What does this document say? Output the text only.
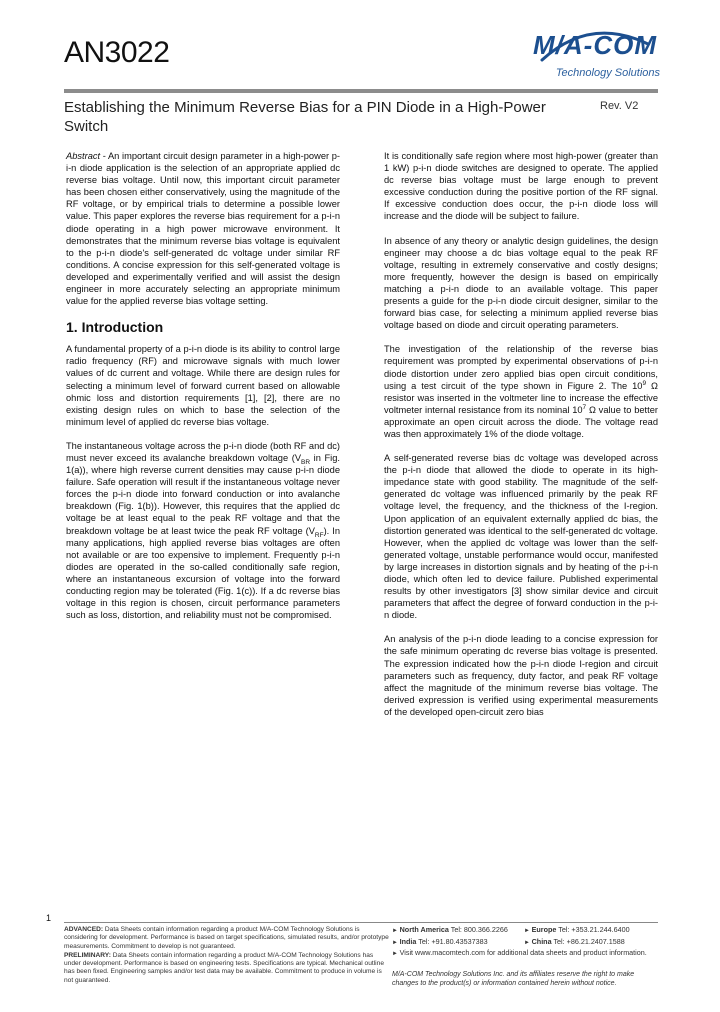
AN3022	M/A-COM
Technology Solutions
Establishing the Minimum Reverse Bias for a PIN Diode in a High-Power Switch
Rev. V2

Abstract - An important circuit design parameter in a high-power p-i-n diode application is the selection of an appropriate applied dc reverse bias voltage. Until now, this important circuit parameter has been chosen either conservatively, using the magnitude of the RF voltage, or by empirical trials to determine a possible lower value. This paper explores the reverse bias requirement for a p-i-n diode operating in a high power microwave environment. It demonstrates that the minimum reverse bias voltage is equivalent to the p-i-n diode's self-generated dc voltage under similar RF conditions. A concise expression for this self-generated voltage is developed and experimentally verified and will assist the design engineer in more accurately selecting an appropriate minimum value for the applied reverse bias voltage setting.

1. Introduction

A fundamental property of a p-i-n diode is its ability to control large radio frequency (RF) and microwave signals with much lower values of dc current and voltage. While there are design rules for selecting a minimum level of forward current based on allowable ohmic loss and distortion requirements [1], [2], there are no existing design rules on which to base the selection of the minimum level of applied dc reverse bias voltage.

The instantaneous voltage across the p-i-n diode (both RF and dc) must never exceed its avalanche breakdown voltage ($V_{BR}$ in Fig. 1(a)), where high reverse current densities may cause p-i-n diode failure. Safe operation will result if the instantaneous voltage never forces the p-i-n diode into forward conduction or into avalanche breakdown (Fig. 1(b)). However, this requires that the applied dc voltage be at least equal to the peak RF voltage and that the breakdown voltage be at least twice the peak RF voltage $(V_{RF})$. In many applications, high applied reverse bias voltages are often not available or are too expensive to implement. Frequently p-i-n diodes are operated in the so-called conditionally safe region, where an instantaneous excursion of voltage into the forward conducting region may be tolerated (Fig. 1(c)). If a dc reverse bias voltage in this region is chosen, circuit performance parameters such as loss, distortion, and reliability must not be compromised.

It is conditionally safe region where most high-power (greater than 1 kW) p-i-n diode switches are designed to operate. The applied dc reverse bias voltage must be large enough to prevent excessive conduction during the positive portion of the RF signal. If excessive conduction does occur, the p-i-n diode loss will increase and the diode will be subject to failure.

In absence of any theory or analytic design guidelines, the design engineer may choose a dc bias voltage equal to the peak RF voltage, resulting in extremely conservative and costly designs; more frequently, however the design is based on empirically matching a p-i-n diode to an available voltage. This paper presents a guide for the p-i-n diode circuit designer, similar to the forward bias case, for selecting a minimum applied reverse bias voltage based on diode and circuit operating parameters.

The investigation of the relationship of the reverse bias requirement was prompted by experimental observations of p-i-n diode distortion under zero applied bias open circuit conditions, using a test circuit of the type shown in Figure 2. The $10^9$ Ω resistor was inserted in the voltmeter line to increase the effective voltmeter internal resistance from its nominal $10^7$ Ω value to better approximate an open circuit across the diode. The voltage read was then approximately 1% of the diode voltage.

A self-generated reverse bias dc voltage was developed across the p-i-n diode that allowed the diode to operate in its high-impedance state with good stability. The magnitude of the self-generated dc voltage was influenced primarily by the peak RF voltage level, the frequency, and the thickness of the I-region. Upon application of an equivalent externally applied dc bias, the distortion generated was identical to the self-generated dc voltage. However, when the applied dc voltage was lower than the self-generated voltage, unstable performance would occur, manifested by large increases in distortion signals and by heating of the p-i-n diode, which often led to device failure. Published experimental results by other investigators [3] show similar device and circuit parameters that affect the degree of forward conduction in the p-i-n diode.

An analysis of the p-i-n diode leading to a concise expression for the safe minimum operating dc reverse bias voltage is presented. The expression indicated how the p-i-n diode I-region and circuit parameters such as frequency, duty factor, and peak RF voltage affect the magnitude of the minimum reverse bias voltage. The derived expression is verified using experimental measurements of the developed open-circuit zero bias

1

ADVANCED: Data Sheets contain information regarding a product M/A-COM Technology Solutions is considering for development. Performance is based on target specifications, simulated results, and/or prototype measurements. Commitment to develop is not guaranteed.

PRELIMINARY: Data Sheets contain information regarding a product M/A-COM Technology Solutions has under development. Performance is based on engineering tests. Specifications are typical. Mechanical outline has been fixed. Engineering samples and/or test data may be available. Commitment to produce in volume is not guaranteed.

► North America Tel: 800.366.2266	► Europe Tel: +353.21.244.6400
► India Tel: +91.80.43537383	► China Tel: +86.21.2407.1588
► Visit www.macomtech.com for additional data sheets and product information.
M/A-COM Technology Solutions Inc. and its affiliates reserve the right to make changes to the product(s) or information contained herein without notice.
